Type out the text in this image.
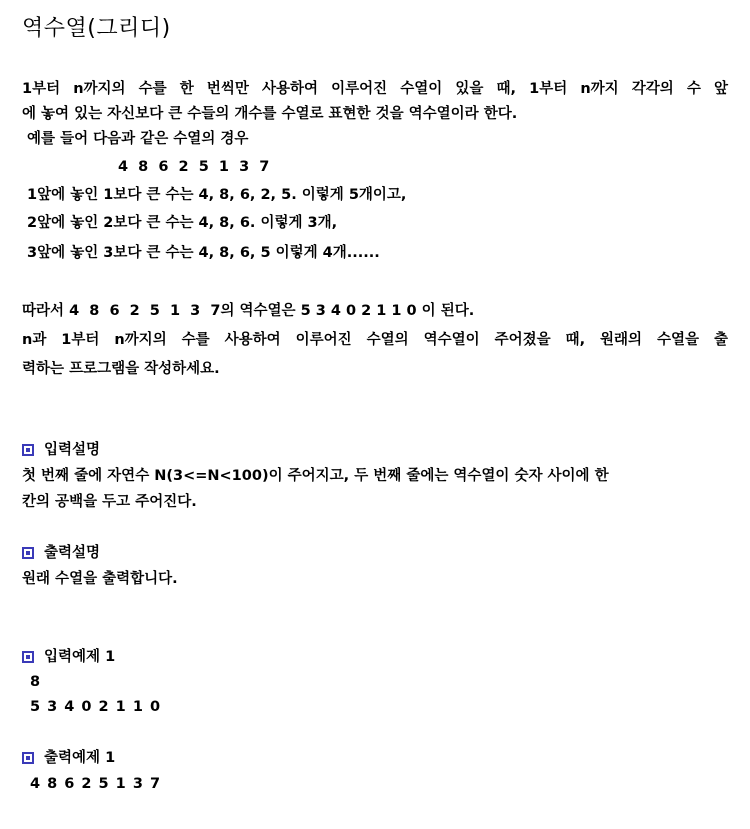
역수열(그리디)
1부터 n까지의 수를 한 번씩만 사용하여 이루어진 수열이 있을 때, 1부터 n까지 각각의 수 앞
에 놓여 있는 자신보다 큰 수들의 개수를 수열로 표현한 것을 역수열이라 한다.
예를 들어 다음과 같은 수열의 경우
4  8  6  2  5  1  3  7
1앞에 놓인 1보다 큰 수는 4, 8, 6, 2, 5. 이렇게 5개이고,
2앞에 놓인 2보다 큰 수는 4, 8, 6. 이렇게 3개,
3앞에 놓인 3보다 큰 수는 4, 8, 6, 5 이렇게 4개......
따라서 4  8  6  2  5  1  3  7의 역수열은 5 3 4 0 2 1 1 0 이 된다.
n과 1부터 n까지의 수를 사용하여 이루어진 수열의 역수열이 주어졌을 때, 원래의 수열을 출
력하는 프로그램을 작성하세요.
입력설명
첫 번째 줄에 자연수 N(3<=N<100)이 주어지고, 두 번째 줄에는 역수열이 숫자 사이에 한
칸의 공백을 두고 주어진다.
출력설명
원래 수열을 출력합니다.
입력예제 1
8
5 3 4 0 2 1 1 0
출력예제 1
4 8 6 2 5 1 3 7
